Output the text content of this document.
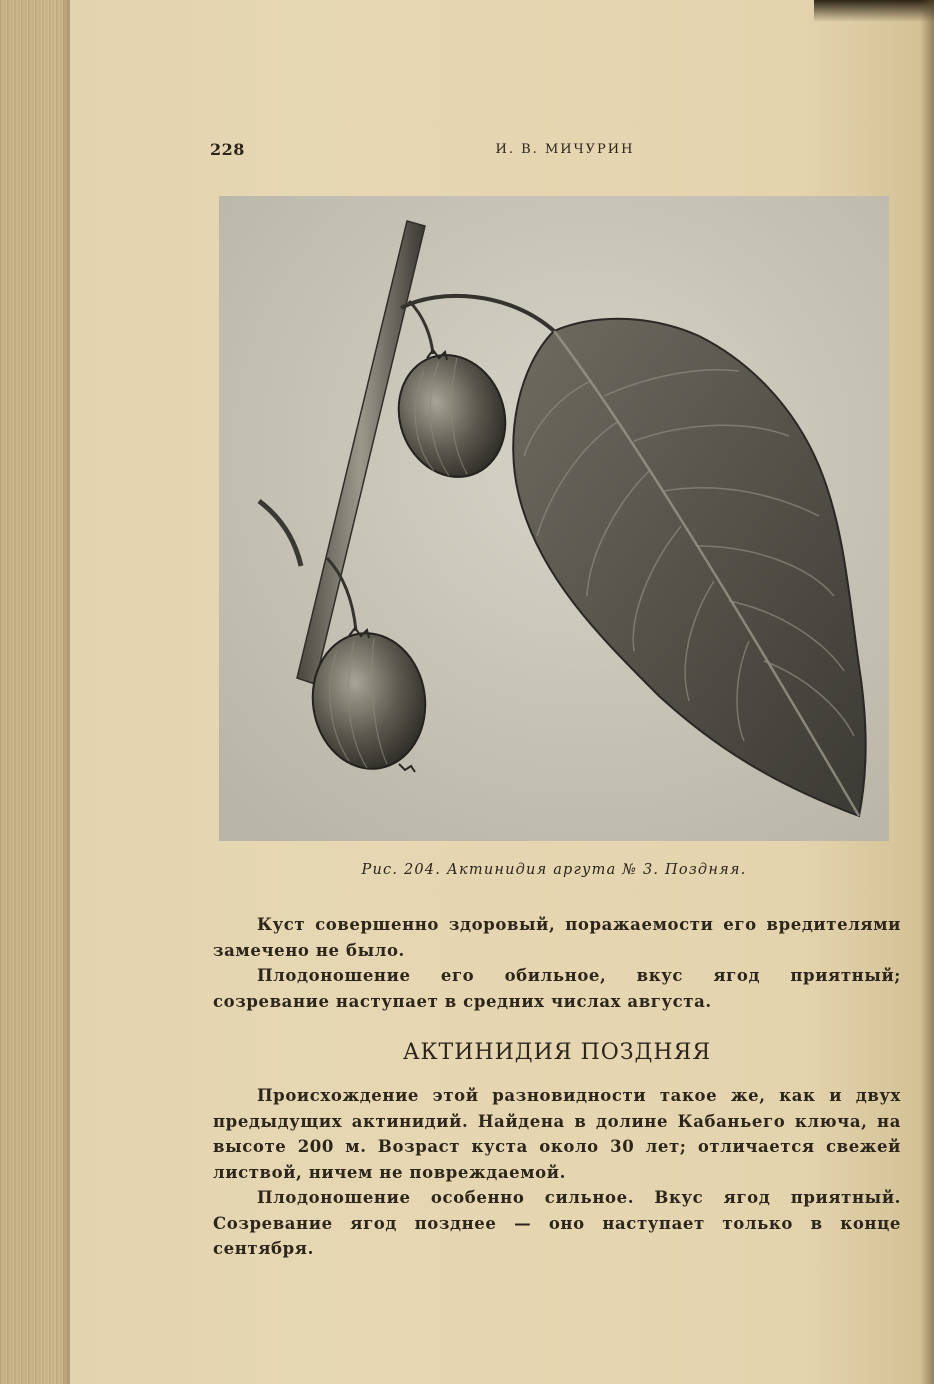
228	И. В. МИЧУРИН
Рис. 204. Актинидия аргута № 3. Поздняя.

Куст совершенно здоровый, поражаемости его вредителями замечено не было.

Плодоношение его обильное, вкус ягод приятный; созревание наступает в средних числах августа.

АКТИНИДИЯ ПОЗДНЯЯ

Происхождение этой разновидности такое же, как и двух предыдущих актинидий. Найдена в долине Кабаньего ключа, на высоте 200 м. Возраст куста около 30 лет; отличается свежей листвой, ничем не повреждаемой.

Плодоношение особенно сильное. Вкус ягод приятный. Созревание ягод позднее — оно наступает только в конце сентября.
